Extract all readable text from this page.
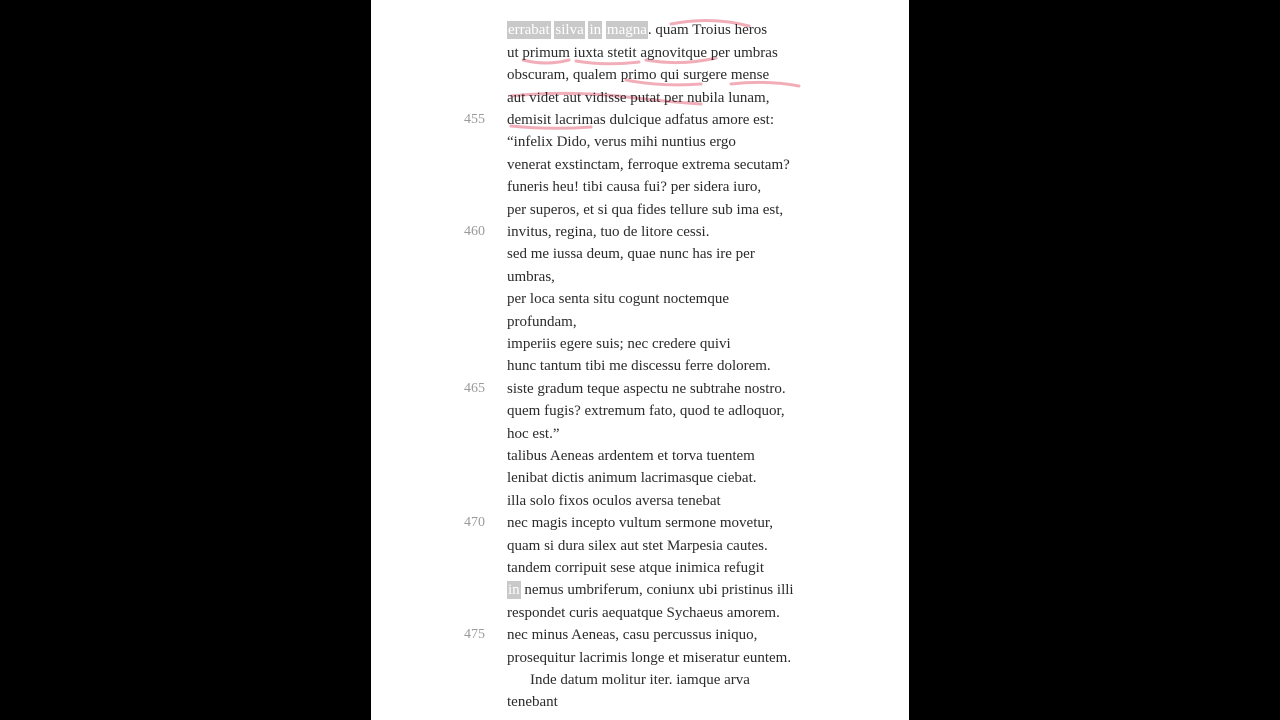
errabat silva in magna. quam Troius heros
ut primum iuxta stetit agnovitque per umbras
obscuram, qualem primo qui surgere mense
aut videt aut vidisse putat per nubila lunam,
455	demisit lacrimas dulcique adfatus amore est:
“infelix Dido, verus mihi nuntius ergo
venerat exstinctam, ferroque extrema secutam?
funeris heu! tibi causa fui? per sidera iuro,
per superos, et si qua fides tellure sub ima est,
460	invitus, regina, tuo de litore cessi.
sed me iussa deum, quae nunc has ire per
umbras,
per loca senta situ cogunt noctemque
profundam,
imperiis egere suis; nec credere quivi
hunc tantum tibi me discessu ferre dolorem.
465	siste gradum teque aspectu ne subtrahe nostro.
quem fugis? extremum fato, quod te adloquor,
hoc est.”
talibus Aeneas ardentem et torva tuentem
lenibat dictis animum lacrimasque ciebat.
illa solo fixos oculos aversa tenebat
470	nec magis incepto vultum sermone movetur,
quam si dura silex aut stet Marpesia cautes.
tandem corripuit sese atque inimica refugit
in nemus umbriferum, coniunx ubi pristinus illi
respondet curis aequatque Sychaeus amorem.
475	nec minus Aeneas, casu percussus iniquo,
prosequitur lacrimis longe et miseratur euntem.
Inde datum molitur iter. iamque arva
tenebant
